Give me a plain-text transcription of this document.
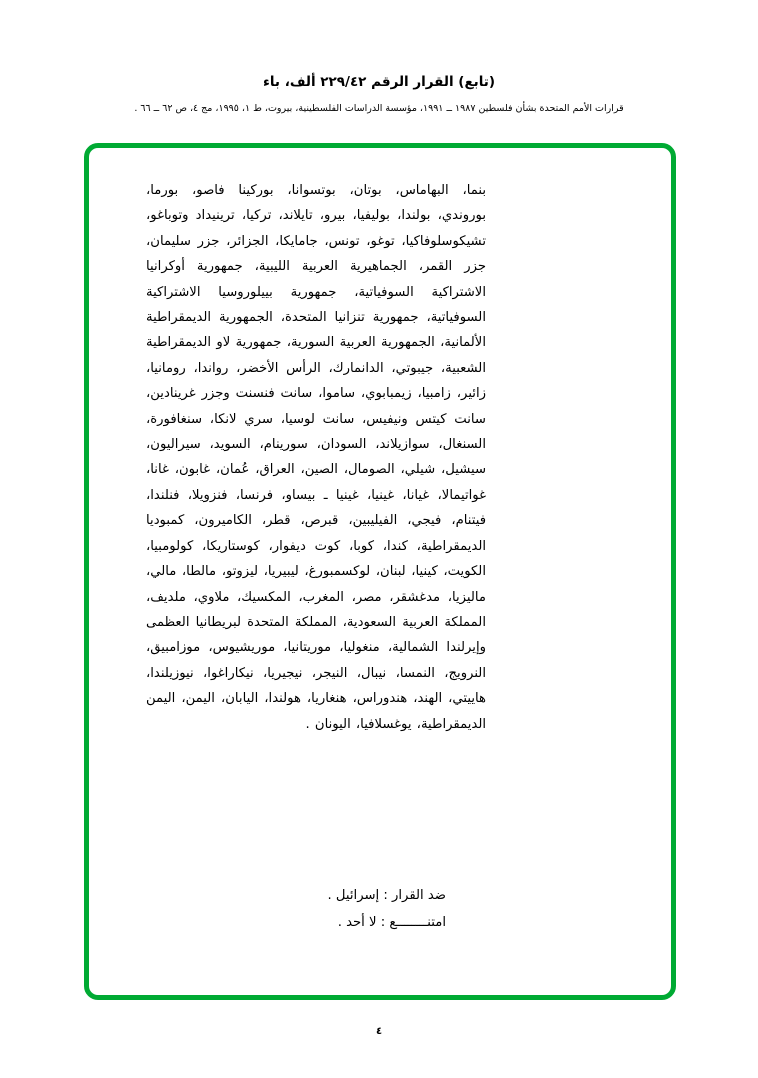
(تابع) القرار الرقم ٢٢٩/٤٢ ألف، باء
قرارات الأمم المتحدة بشأن فلسطين ١٩٨٧ ــ ١٩٩١، مؤسسة الدراسات الفلسطينية، بيروت، ط ١، ١٩٩٥، مج ٤، ص ٦٢ ــ ٦٦ .
بنما، البهاماس، بوتان، بوتسوانا، بوركينا فاصو، بورما، بوروندي، بولندا، بوليفيا، بيرو، تايلاند، تركيا، ترينيداد وتوباغو، تشيكوسلوفاكيا، توغو، تونس، جامايكا، الجزائر، جزر سليمان، جزر القمر، الجماهيرية العربية الليبية، جمهورية أوكرانيا الاشتراكية السوفياتية، جمهورية بييلوروسيا الاشتراكية السوفياتية، جمهورية تنزانيا المتحدة، الجمهورية الديمقراطية الألمانية، الجمهورية العربية السورية، جمهورية لاو الديمقراطية الشعبية، جيبوتي، الدانمارك، الرأس الأخضر، رواندا، رومانيا، زائير، زامبيا، زيمبابوي، ساموا، سانت فنسنت وجزر غرينادين، سانت كيتس ونيفيس، سانت لوسيا، سري لانكا، سنغافورة، السنغال، سوازيلاند، السودان، سورينام، السويد، سيراليون، سيشيل، شيلي، الصومال، الصين، العراق، عُمان، غابون، غانا، غواتيمالا، غيانا، غينيا، غينيا ـ بيساو، فرنسا، فنزويلا، فنلندا، فيتنام، فيجي، الفيليبين، قبرص، قطر، الكاميرون، كمبوديا الديمقراطية، كندا، كوبا، كوت ديفوار، كوستاريكا، كولومبيا، الكويت، كينيا، لبنان، لوكسمبورغ، ليبيريا، ليزوتو، مالطا، مالي، ماليزيا، مدغشقر، مصر، المغرب، المكسيك، ملاوي، ملديف، المملكة العربية السعودية، المملكة المتحدة لبريطانيا العظمى وإيرلندا الشمالية، منغوليا، موريتانيا، موريشيوس، موزامبيق، النرويج، النمسا، نيبال، النيجر، نيجيريا، نيكاراغوا، نيوزيلندا، هاييتي، الهند، هندوراس، هنغاريا، هولندا، اليابان، اليمن، اليمن الديمقراطية، يوغسلافيا، اليونان .
ضد القرار : إسرائيل .
امتنــــــــع : لا أحد .
٤
